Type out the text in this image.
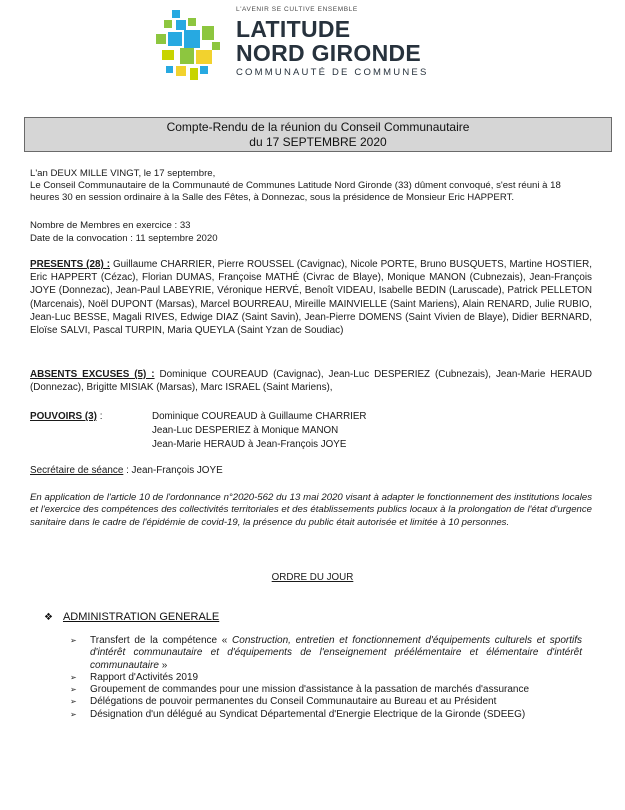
L'AVENIR SE CULTIVE ENSEMBLE
LATITUDE
NORD GIRONDE
COMMUNAUTÉ DE COMMUNES
Compte-Rendu de la réunion du Conseil Communautaire
du 17 SEPTEMBRE 2020
L'an DEUX MILLE VINGT, le 17 septembre,
Le Conseil Communautaire de la Communauté de Communes Latitude Nord Gironde (33) dûment convoqué, s'est réuni à 18 heures 30 en session ordinaire à la Salle des Fêtes, à Donnezac, sous la présidence de Monsieur Eric HAPPERT.
Nombre de Membres en exercice : 33
Date de la convocation : 11 septembre 2020
PRESENTS (28) : Guillaume CHARRIER, Pierre ROUSSEL (Cavignac), Nicole PORTE, Bruno BUSQUETS, Martine HOSTIER, Eric HAPPERT (Cézac), Florian DUMAS, Françoise MATHÉ (Civrac de Blaye), Monique MANON (Cubnezais), Jean-François JOYE (Donnezac), Jean-Paul LABEYRIE, Véronique HERVÉ, Benoît VIDEAU, Isabelle BEDIN (Laruscade), Patrick PELLETON (Marcenais), Noël DUPONT (Marsas), Marcel BOURREAU, Mireille MAINVIELLE (Saint Mariens), Alain RENARD, Julie RUBIO, Jean-Luc BESSE, Magali RIVES, Edwige DIAZ (Saint Savin), Jean-Pierre DOMENS (Saint Vivien de Blaye), Didier BERNARD, Eloïse SALVI, Pascal TURPIN, Maria QUEYLA (Saint Yzan de Soudiac)
ABSENTS EXCUSES (5) : Dominique COUREAUD (Cavignac), Jean-Luc DESPERIEZ (Cubnezais), Jean-Marie HERAUD (Donnezac), Brigitte MISIAK (Marsas), Marc ISRAEL (Saint Mariens),
POUVOIRS (3) :	Dominique COUREAUD à Guillaume CHARRIER
Jean-Luc DESPERIEZ à Monique MANON
Jean-Marie HERAUD à Jean-François JOYE
Secrétaire de séance : Jean-François JOYE
En application de l'article 10 de l'ordonnance n°2020-562 du 13 mai 2020 visant à adapter le fonctionnement des institutions locales et l'exercice des compétences des collectivités territoriales et des établissements publics locaux à la prolongation de l'état d'urgence sanitaire dans le cadre de l'épidémie de covid-19, la présence du public était autorisée et limitée à 10 personnes.
ORDRE DU JOUR
❖ ADMINISTRATION GENERALE
➢ Transfert de la compétence « Construction, entretien et fonctionnement d'équipements culturels et sportifs d'intérêt communautaire et d'équipements de l'enseignement préélémentaire et élémentaire d'intérêt communautaire »
➢ Rapport d'Activités 2019
➢ Groupement de commandes pour une mission d'assistance à la passation de marchés d'assurance
➢ Délégations de pouvoir permanentes du Conseil Communautaire au Bureau et au Président
➢ Désignation d'un délégué au Syndicat Départemental d'Energie Electrique de la Gironde (SDEEG)
